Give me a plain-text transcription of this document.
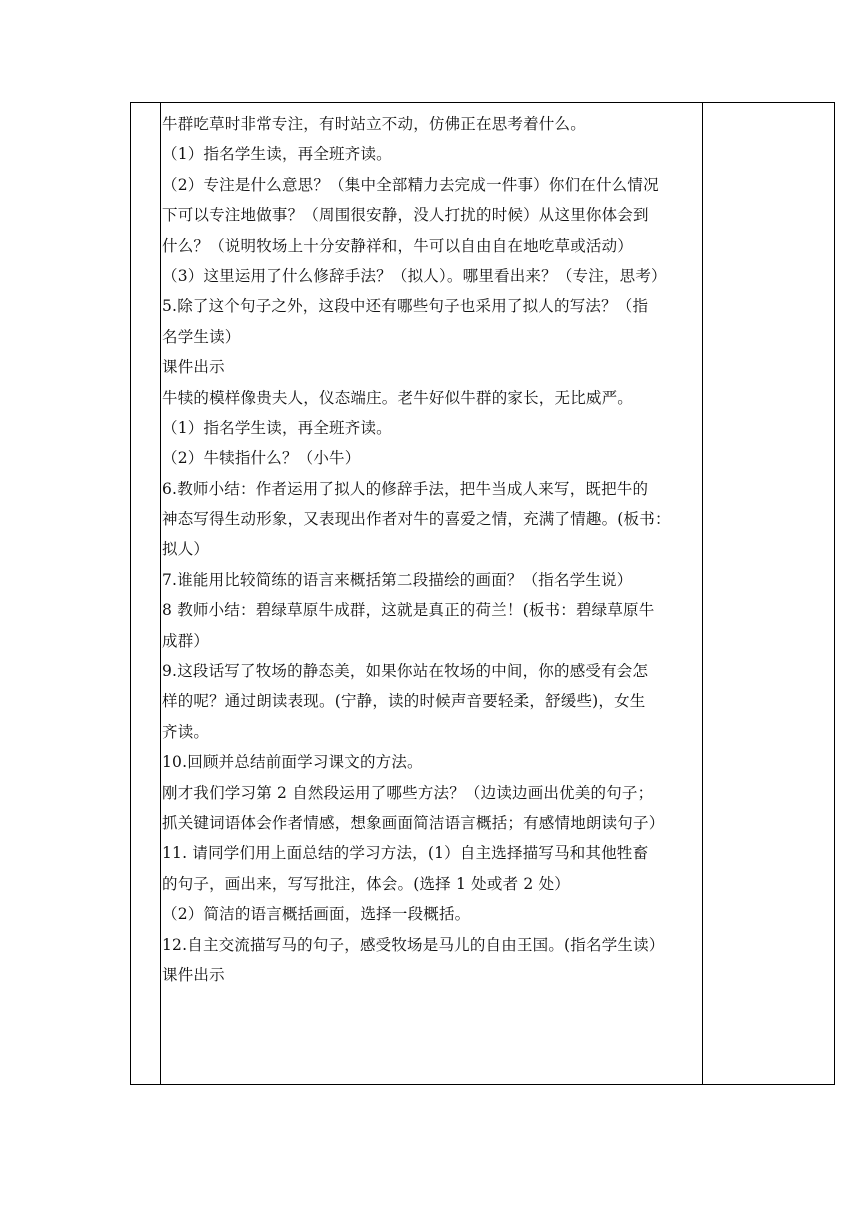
牛群吃草时非常专注，有时站立不动，仿佛正在思考着什么。
（1）指名学生读，再全班齐读。
（2）专注是什么意思？（集中全部精力去完成一件事）你们在什么情况
下可以专注地做事？（周围很安静，没人打扰的时候）从这里你体会到
什么？（说明牧场上十分安静祥和，牛可以自由自在地吃草或活动）
（3）这里运用了什么修辞手法？（拟人）。哪里看出来？（专注，思考）
5.除了这个句子之外，这段中还有哪些句子也采用了拟人的写法？（指
名学生读）
课件出示
牛犊的模样像贵夫人，仪态端庄。老牛好似牛群的家长，无比威严。
（1）指名学生读，再全班齐读。
（2）牛犊指什么？（小牛）
6.教师小结：作者运用了拟人的修辞手法，把牛当成人来写，既把牛的
神态写得生动形象，又表现出作者对牛的喜爱之情，充满了情趣。(板书：
拟人）
7.谁能用比较简练的语言来概括第二段描绘的画面？（指名学生说）
8 教师小结：碧绿草原牛成群，这就是真正的荷兰！(板书：碧绿草原牛
成群）
9.这段话写了牧场的静态美，如果你站在牧场的中间，你的感受有会怎
样的呢？通过朗读表现。(宁静，读的时候声音要轻柔，舒缓些)，女生
齐读。
10.回顾并总结前面学习课文的方法。
刚才我们学习第 2 自然段运用了哪些方法？（边读边画出优美的句子；
抓关键词语体会作者情感，想象画面简洁语言概括；有感情地朗读句子）
11. 请同学们用上面总结的学习方法，(1）自主选择描写马和其他牲畜
的句子，画出来，写写批注，体会。(选择 1 处或者 2 处）
（2）简洁的语言概括画面，选择一段概括。
12.自主交流描写马的句子，感受牧场是马儿的自由王国。(指名学生读）
课件出示
